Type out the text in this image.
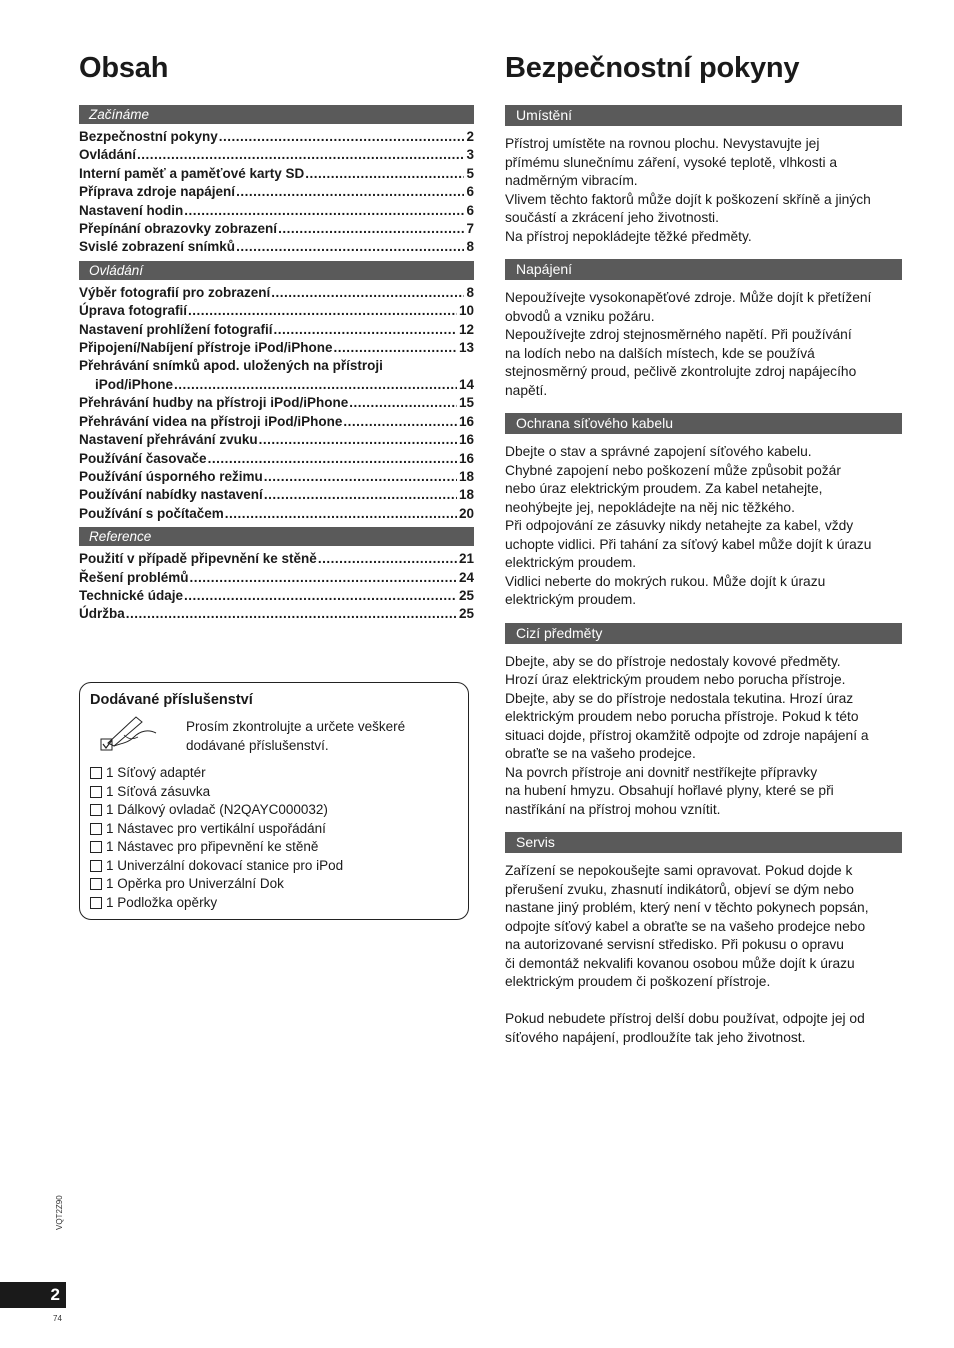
Obsah
Začínáme
Bezpečnostní pokyny .....	2
Ovládání .....	3
Interní paměť a paměťové karty SD .....	5
Příprava zdroje napájení .....	6
Nastavení hodin .....	6
Přepínání obrazovky zobrazení .....	7
Svislé zobrazení snímků .....	8
Ovládání
Výběr fotografií pro zobrazení .....	8
Úprava fotografií .....	10
Nastavení prohlížení fotografií .....	12
Připojení/Nabíjení přístroje iPod/iPhone .....	13
Přehrávání snímků apod. uložených na přístroji
iPod/iPhone .....	14
Přehrávání hudby na přístroji iPod/iPhone .....	15
Přehrávání videa na přístroji iPod/iPhone .....	16
Nastavení přehrávání zvuku .....	16
Používání časovače .....	16
Používání úsporného režimu .....	18
Používání nabídky nastavení .....	18
Používání s počítačem .....	20
Reference
Použití v případě připevnění ke stěně .....	21
Řešení problémů .....	24
Technické údaje .....	25
Údržba .....	25
Dodávané příslušenství
Prosím zkontrolujte a určete veškeré
dodávané příslušenství.
1 Síťový adaptér
1 Síťová zásuvka
1 Dálkový ovladač (N2QAYC000032)
1 Nástavec pro vertikální uspořádání
1 Nástavec pro připevnění ke stěně
1 Univerzální dokovací stanice pro iPod
1 Opěrka pro Univerzální Dok
1 Podložka opěrky
Bezpečnostní pokyny
Umístění

Přístroj umístěte na rovnou plochu. Nevystavujte jej

přímému slunečnímu záření, vysoké teplotě, vlhkosti a

nadměrným vibracím.

Vlivem těchto faktorů může dojít k poškození skříně a jiných

součástí a zkrácení jeho životnosti.

Na přístroj nepokládejte těžké předměty.

Napájení

Nepoužívejte vysokonapěťové zdroje. Může dojít k přetížení

obvodů a vzniku požáru.

Nepoužívejte zdroj stejnosměrného napětí. Při používání

na lodích nebo na dalších místech, kde se používá

stejnosměrný proud, pečlivě zkontrolujte zdroj napájecího

napětí.

Ochrana síťového kabelu

Dbejte o stav a správné zapojení síťového kabelu.

Chybné zapojení nebo poškození může způsobit požár

nebo úraz elektrickým proudem. Za kabel netahejte,

neohýbejte jej, nepokládejte na něj nic těžkého.

Při odpojování ze zásuvky nikdy netahejte za kabel, vždy

uchopte vidlici. Při tahání za síťový kabel může dojít k úrazu

elektrickým proudem.

Vidlici neberte do mokrých rukou. Může dojít k úrazu

elektrickým proudem.

Cizí předměty

Dbejte, aby se do přístroje nedostaly kovové předměty.

Hrozí úraz elektrickým proudem nebo porucha přístroje.

Dbejte, aby se do přístroje nedostala tekutina. Hrozí úraz

elektrickým proudem nebo porucha přístroje. Pokud k této

situaci dojde, přístroj okamžitě odpojte od zdroje napájení a

obraťte se na vašeho prodejce.

Na povrch přístroje ani dovnitř nestříkejte přípravky

na hubení hmyzu. Obsahují hořlavé plyny, které se při

nastříkání na přístroj mohou vznítit.

Servis

Zařízení se nepokoušejte sami opravovat. Pokud dojde k

přerušení zvuku, zhasnutí indikátorů, objeví se dým nebo

nastane jiný problém, který není v těchto pokynech popsán,

odpojte síťový kabel a obraťte se na vašeho prodejce nebo

na autorizované servisní středisko. Při pokusu o opravu

či demontáž nekvalifi kovanou osobou může dojít k úrazu

elektrickým proudem či poškození přístroje.

Pokud nebudete přístroj delší dobu používat, odpojte jej od

síťového napájení, prodloužíte tak jeho životnost.

VQT2Z90
2
74
